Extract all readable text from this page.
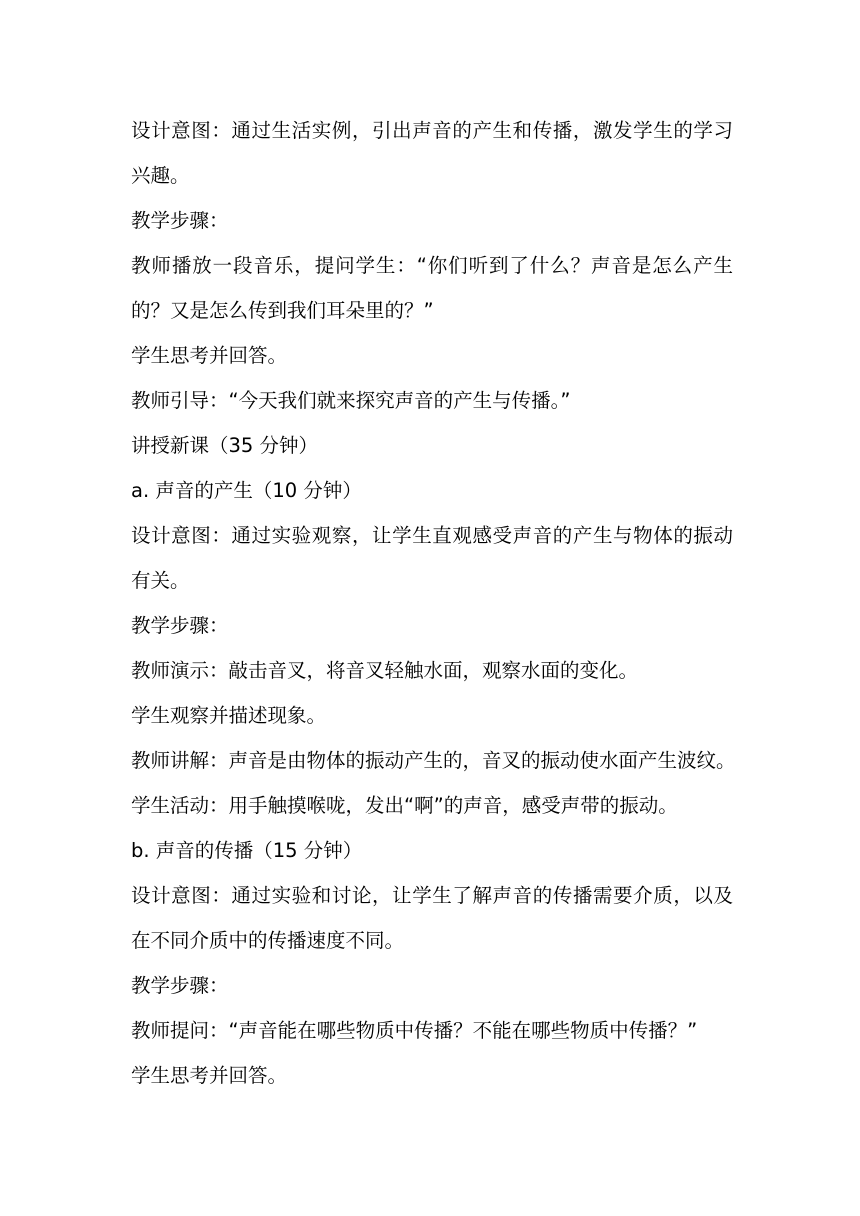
设计意图：通过生活实例，引出声音的产生和传播，激发学生的学习
兴趣。
教学步骤：
教师播放一段音乐，提问学生：“你们听到了什么？声音是怎么产生
的？又是怎么传到我们耳朵里的？”
学生思考并回答。
教师引导：“今天我们就来探究声音的产生与传播。”
讲授新课（35 分钟）
a. 声音的产生（10 分钟）
设计意图：通过实验观察，让学生直观感受声音的产生与物体的振动
有关。
教学步骤：
教师演示：敲击音叉，将音叉轻触水面，观察水面的变化。
学生观察并描述现象。
教师讲解：声音是由物体的振动产生的，音叉的振动使水面产生波纹。
学生活动：用手触摸喉咙，发出“啊”的声音，感受声带的振动。
b. 声音的传播（15 分钟）
设计意图：通过实验和讨论，让学生了解声音的传播需要介质，以及
在不同介质中的传播速度不同。
教学步骤：
教师提问：“声音能在哪些物质中传播？不能在哪些物质中传播？”
学生思考并回答。
